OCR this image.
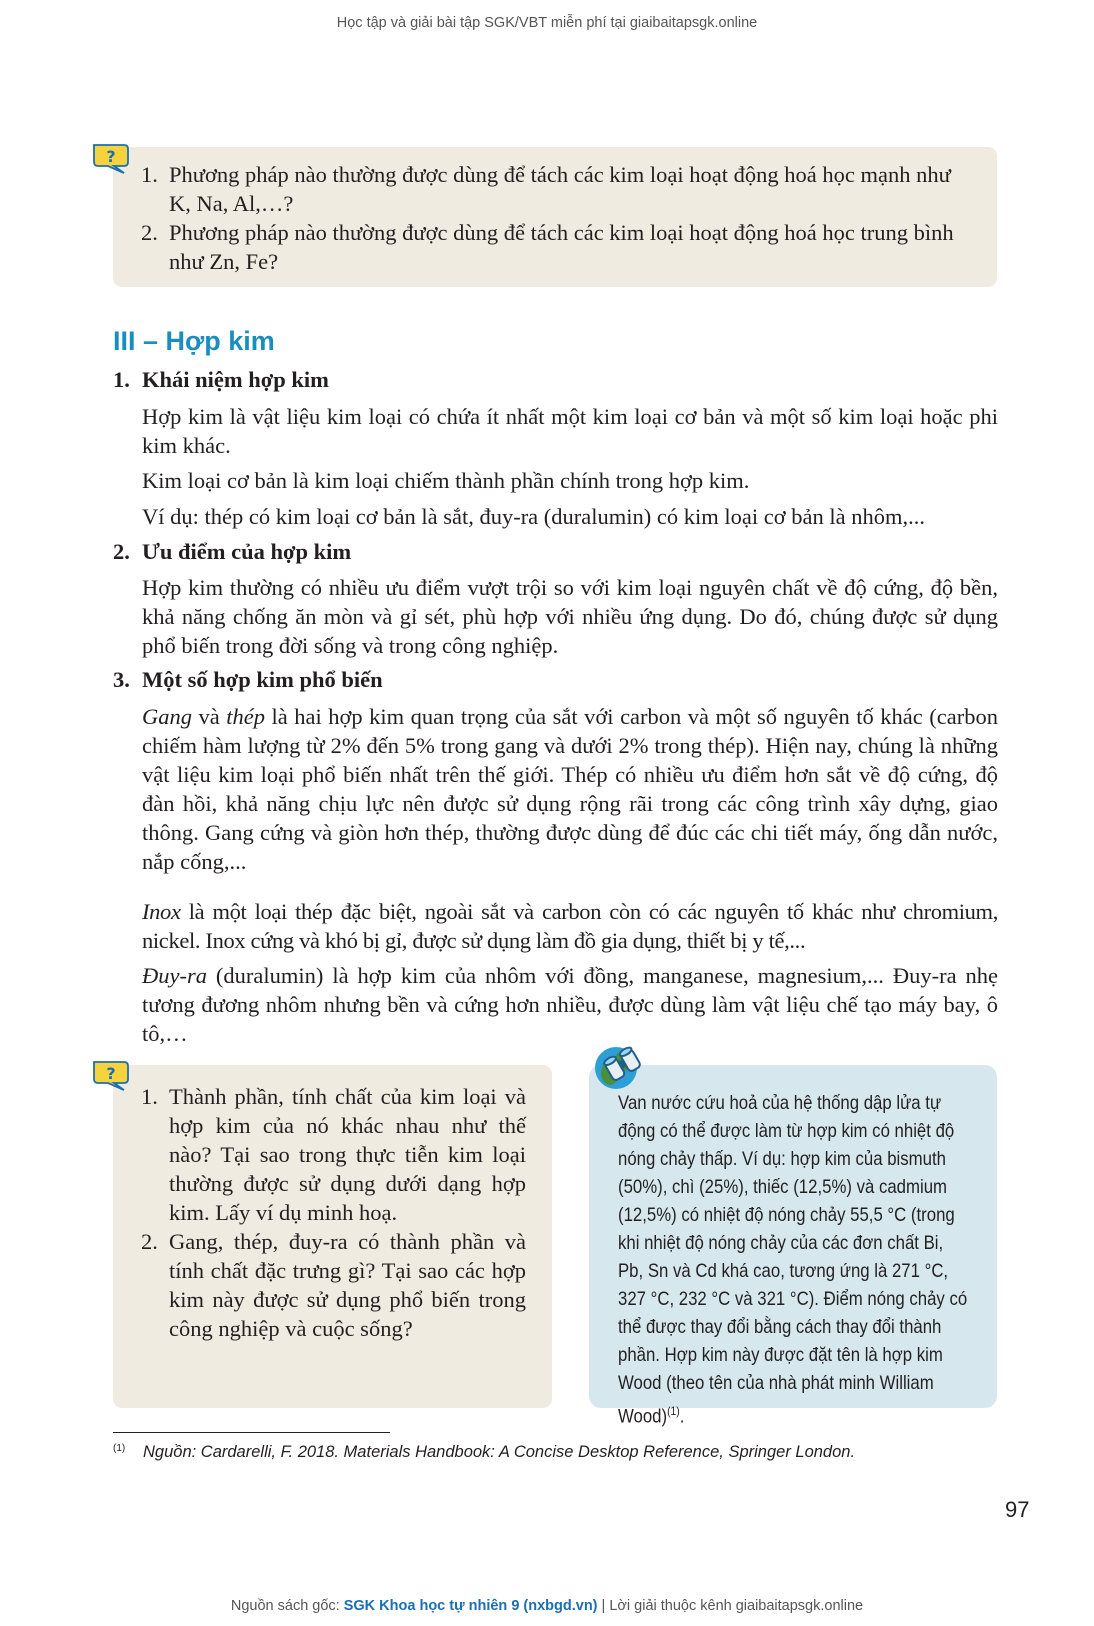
Học tập và giải bài tập SGK/VBT miễn phí tại giaibaitapsgk.online
1. Phương pháp nào thường được dùng để tách các kim loại hoạt động hoá học mạnh như K, Na, Al,…?
2. Phương pháp nào thường được dùng để tách các kim loại hoạt động hoá học trung bình như Zn, Fe?
?
III – Hợp kim
1. Khái niệm hợp kim
Hợp kim là vật liệu kim loại có chứa ít nhất một kim loại cơ bản và một số kim loại hoặc phi kim khác.
Kim loại cơ bản là kim loại chiếm thành phần chính trong hợp kim.
Ví dụ: thép có kim loại cơ bản là sắt, đuy-ra (duralumin) có kim loại cơ bản là nhôm,...
2. Ưu điểm của hợp kim
Hợp kim thường có nhiều ưu điểm vượt trội so với kim loại nguyên chất về độ cứng, độ bền, khả năng chống ăn mòn và gỉ sét, phù hợp với nhiều ứng dụng. Do đó, chúng được sử dụng phổ biến trong đời sống và trong công nghiệp.
3. Một số hợp kim phổ biến
Gang và thép là hai hợp kim quan trọng của sắt với carbon và một số nguyên tố khác (carbon chiếm hàm lượng từ 2% đến 5% trong gang và dưới 2% trong thép). Hiện nay, chúng là những vật liệu kim loại phổ biến nhất trên thế giới. Thép có nhiều ưu điểm hơn sắt về độ cứng, độ đàn hồi, khả năng chịu lực nên được sử dụng rộng rãi trong các công trình xây dựng, giao thông. Gang cứng và giòn hơn thép, thường được dùng để đúc các chi tiết máy, ống dẫn nước, nắp cống,...
Inox là một loại thép đặc biệt, ngoài sắt và carbon còn có các nguyên tố khác như chromium, nickel. Inox cứng và khó bị gỉ, được sử dụng làm đồ gia dụng, thiết bị y tế,...
Đuy-ra (duralumin) là hợp kim của nhôm với đồng, manganese, magnesium,... Đuy-ra nhẹ tương đương nhôm nhưng bền và cứng hơn nhiều, được dùng làm vật liệu chế tạo máy bay, ô tô,…
1. Thành phần, tính chất của kim loại và hợp kim của nó khác nhau như thế nào? Tại sao trong thực tiễn kim loại thường được sử dụng dưới dạng hợp kim. Lấy ví dụ minh hoạ.
2. Gang, thép, đuy-ra có thành phần và tính chất đặc trưng gì? Tại sao các hợp kim này được sử dụng phổ biến trong công nghiệp và cuộc sống?
?
Van nước cứu hoả của hệ thống dập lửa tự động có thể được làm từ hợp kim có nhiệt độ nóng chảy thấp. Ví dụ: hợp kim của bismuth (50%), chì (25%), thiếc (12,5%) và cadmium (12,5%) có nhiệt độ nóng chảy 55,5 °C (trong khi nhiệt độ nóng chảy của các đơn chất Bi, Pb, Sn và Cd khá cao, tương ứng là 271 °C, 327 °C, 232 °C và 321 °C). Điểm nóng chảy có thể được thay đổi bằng cách thay đổi thành phần. Hợp kim này được đặt tên là hợp kim Wood (theo tên của nhà phát minh William Wood)$^{(1)}$.
$^{(1)}$ Nguồn: Cardarelli, F. 2018. Materials Handbook: A Concise Desktop Reference, Springer London.
97
Nguồn sách gốc: SGK Khoa học tự nhiên 9 (nxbgd.vn) | Lời giải thuộc kênh giaibaitapsgk.online
